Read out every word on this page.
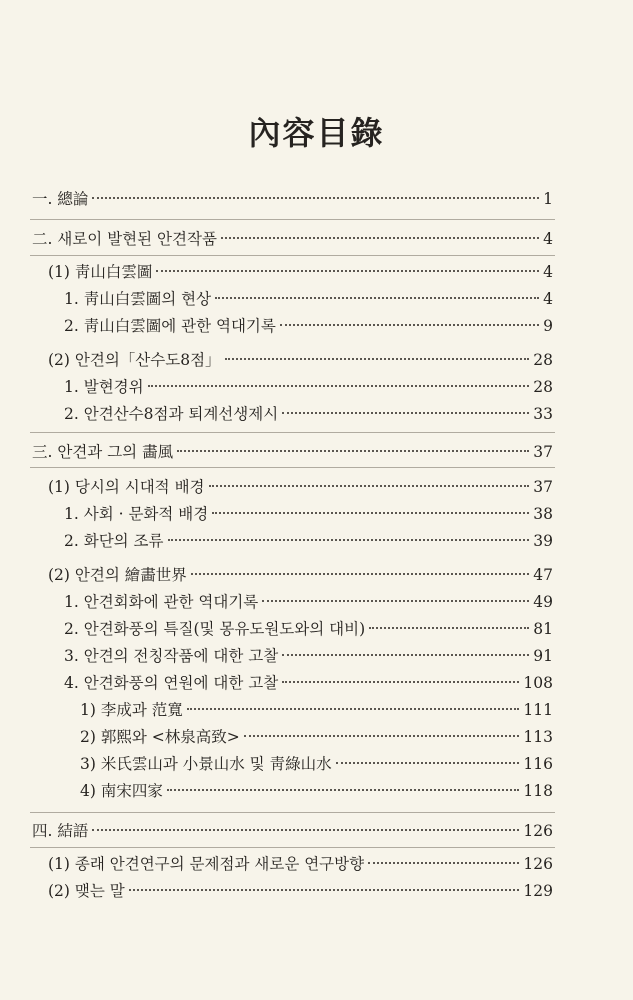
內容目錄
一. 總論	1
二. 새로이 발현된 안견작품	4
(1) 靑山白雲圖	4
1. 靑山白雲圖의 현상	4
2. 靑山白雲圖에 관한 역대기록	9
(2) 안견의「산수도8점」	28
1. 발현경위	28
2. 안견산수8점과 퇴계선생제시	33
三. 안견과 그의 畵風	37
(1) 당시의 시대적 배경	37
1. 사회 · 문화적 배경	38
2. 화단의 조류	39
(2) 안견의 繪畵世界	47
1. 안견회화에 관한 역대기록	49
2. 안견화풍의 특질(및 몽유도원도와의 대비)	81
3. 안견의 전칭작품에 대한 고찰	91
4. 안견화풍의 연원에 대한 고찰	108
1) 李成과 范寬	111
2) 郭熙와 <林泉高致>	113
3) 米氏雲山과 小景山水 및 靑綠山水	116
4) 南宋四家	118
四. 結語	126
(1) 종래 안견연구의 문제점과 새로운 연구방향	126
(2) 맺는 말	129
